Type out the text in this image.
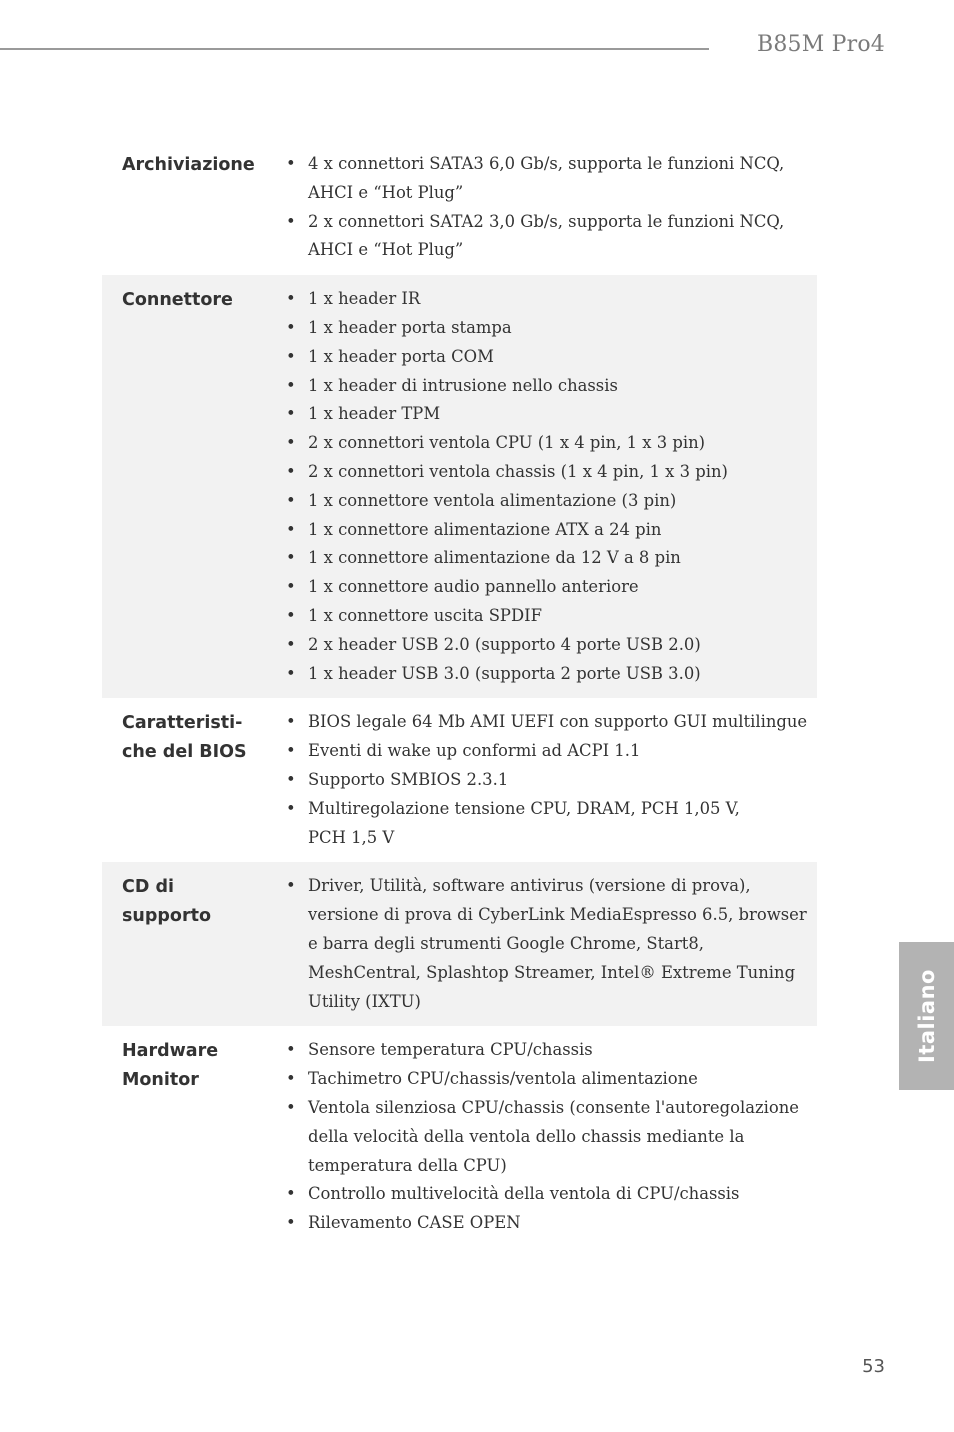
B85M Pro4
Archiviazione	• 4 x connettori SATA3 6,0 Gb/s, supporta le funzioni NCQ, AHCI e “Hot Plug”
• 2 x connettori SATA2 3,0 Gb/s, supporta le funzioni NCQ, AHCI e “Hot Plug”
Connettore	• 1 x header IR
• 1 x header porta stampa
• 1 x header porta COM
• 1 x header di intrusione nello chassis
• 1 x header TPM
• 2 x connettori ventola CPU (1 x 4 pin, 1 x 3 pin)
• 2 x connettori ventola chassis (1 x 4 pin, 1 x 3 pin)
• 1 x connettore ventola alimentazione (3 pin)
• 1 x connettore alimentazione ATX a 24 pin
• 1 x connettore alimentazione da 12 V a 8 pin
• 1 x connettore audio pannello anteriore
• 1 x connettore uscita SPDIF
• 2 x header USB 2.0 (supporto 4 porte USB 2.0)
• 1 x header USB 3.0 (supporta 2 porte USB 3.0)
Caratteristi-
che del BIOS
• BIOS legale 64 Mb AMI UEFI con supporto GUI multilingue
• Eventi di wake up conformi ad ACPI 1.1
• Supporto SMBIOS 2.3.1
• Multiregolazione tensione CPU, DRAM, PCH 1,05 V, PCH 1,5 V
CD di
supporto
• Driver, Utilità, software antivirus (versione di prova), versione di prova di CyberLink MediaEspresso 6.5, browser e barra degli strumenti Google Chrome, Start8, MeshCentral, Splashtop Streamer, Intel® Extreme Tuning Utility (IXTU)
Hardware
Monitor
• Sensore temperatura CPU/chassis
• Tachimetro CPU/chassis/ventola alimentazione
• Ventola silenziosa CPU/chassis (consente l'autoregolazione della velocità della ventola dello chassis mediante la temperatura della CPU)
• Controllo multivelocità della ventola di CPU/chassis
• Rilevamento CASE OPEN
Italiano
53
